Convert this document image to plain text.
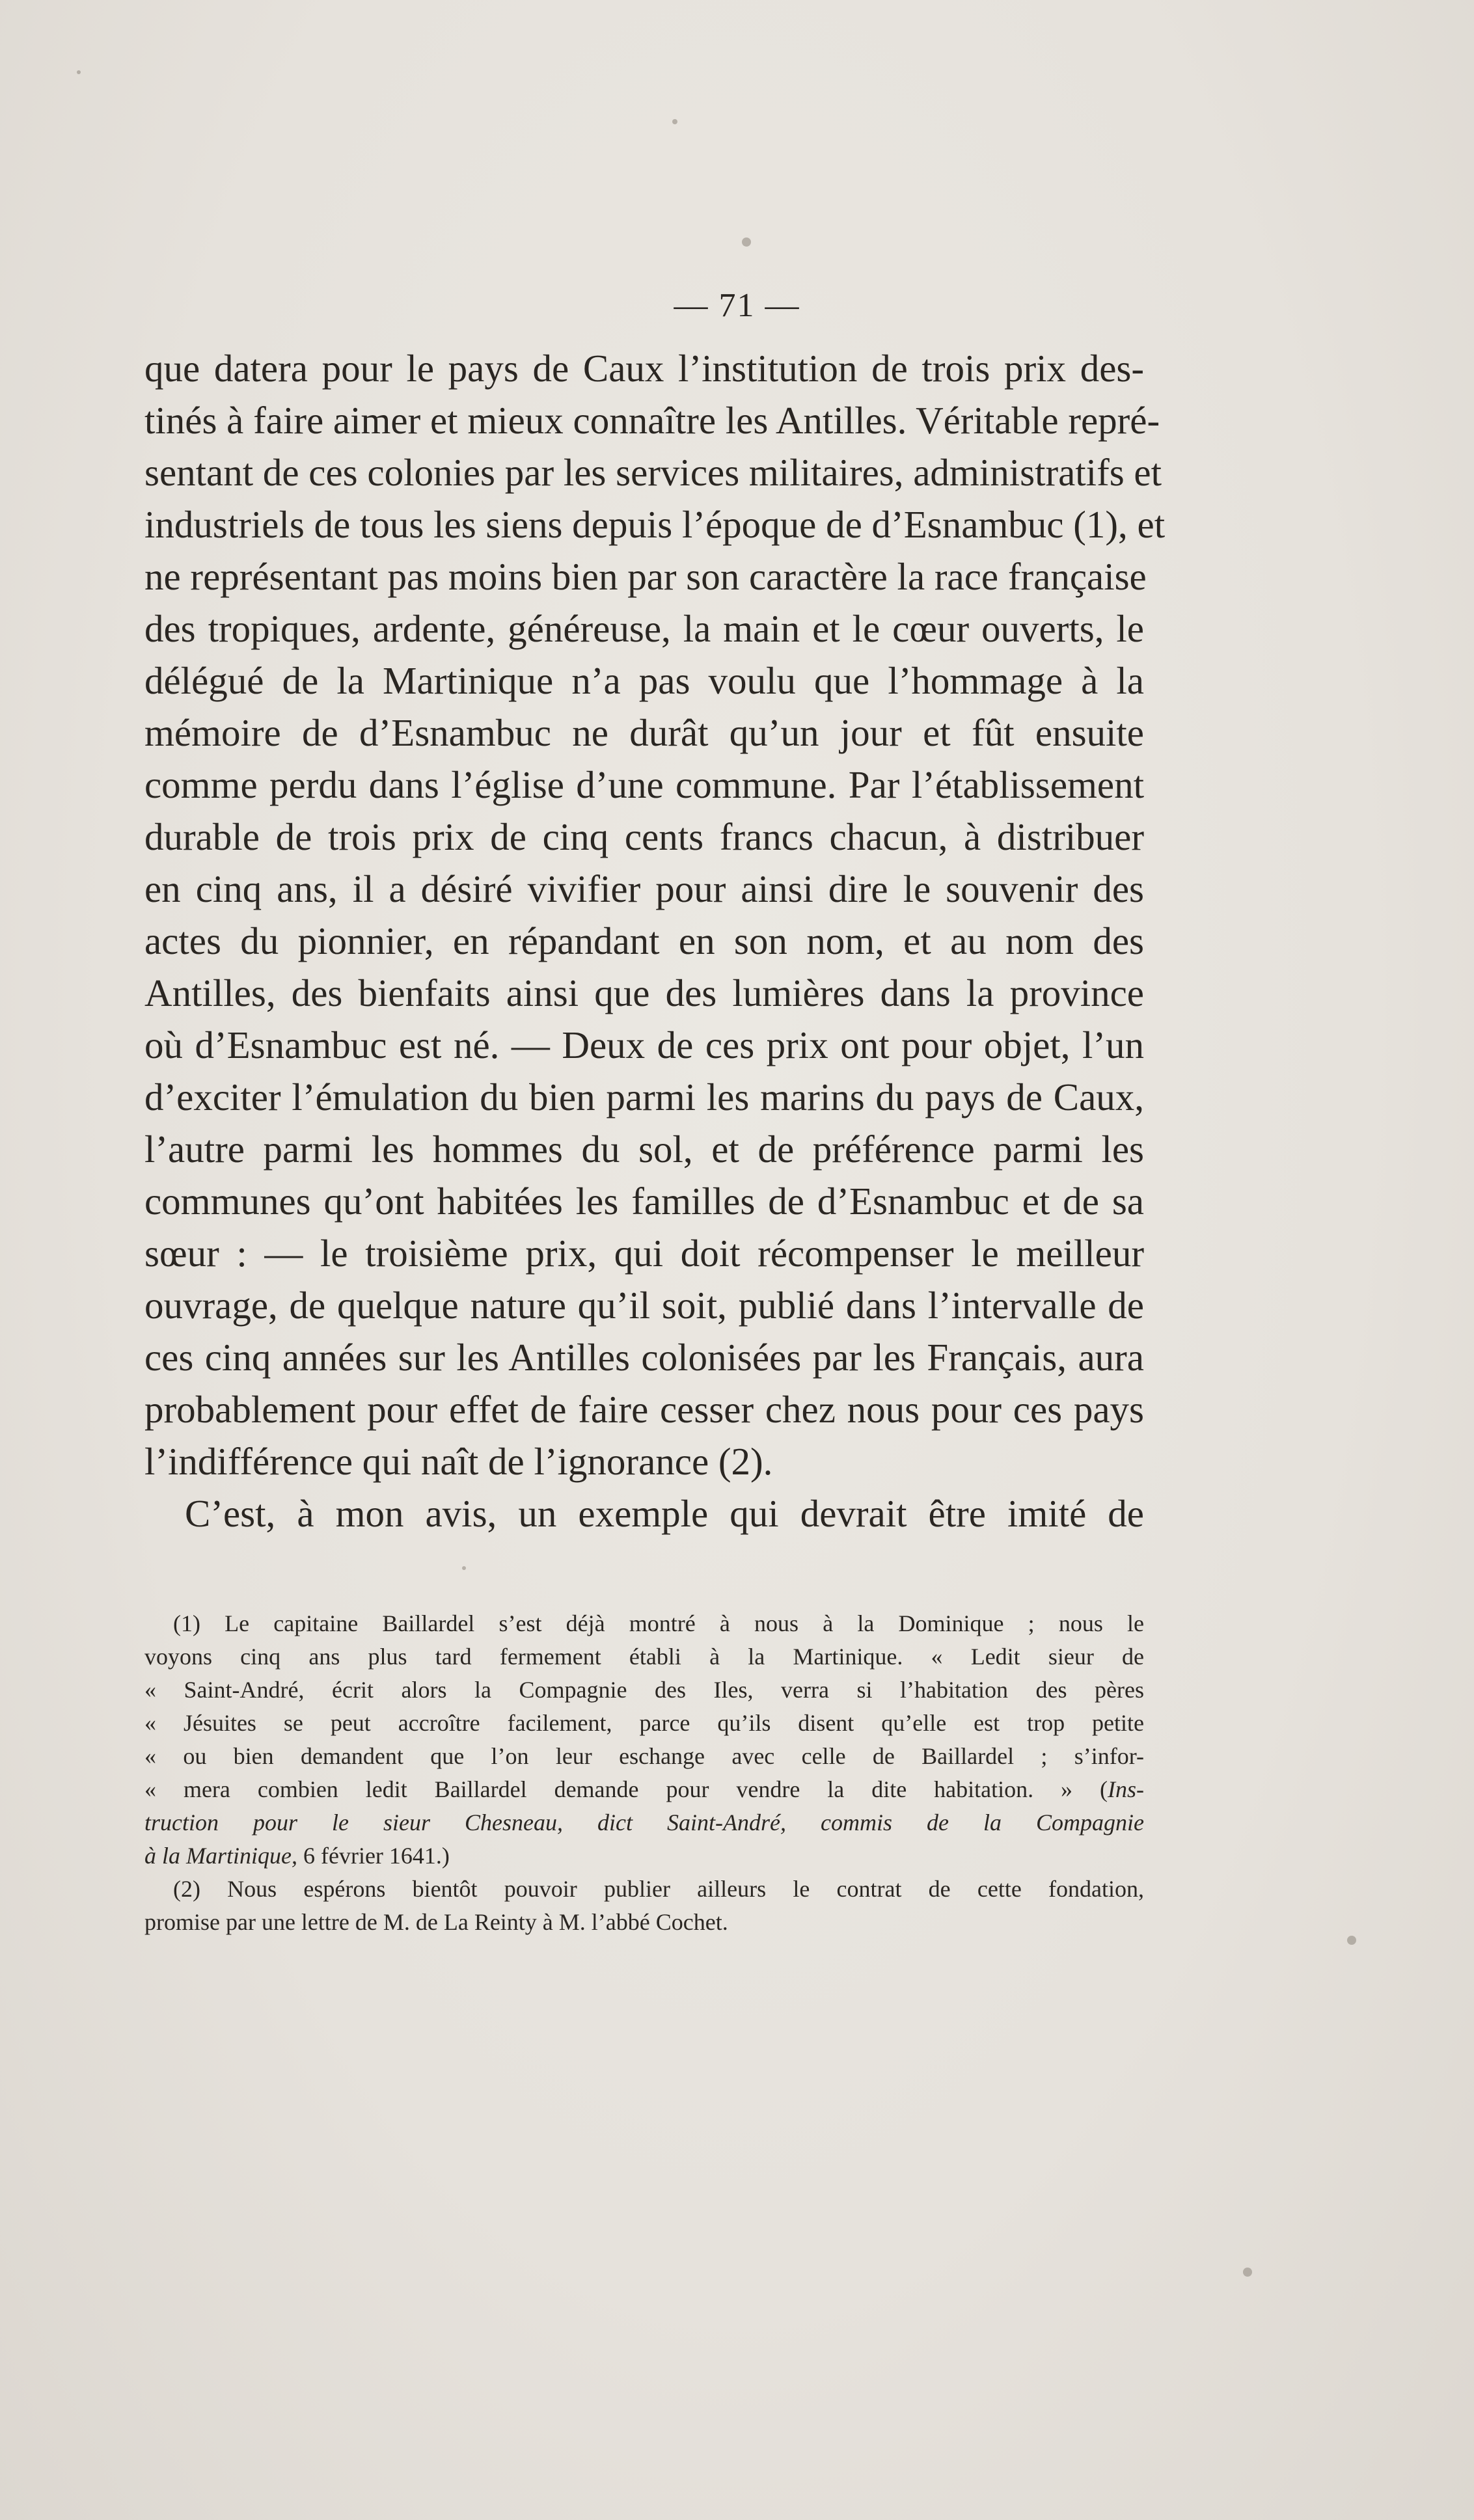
— 71 —
que datera pour le pays de Caux l’institution de trois prix des-
tinés à faire aimer et mieux connaître les Antilles. Véritable repré-
sentant de ces colonies par les services militaires, administratifs et
industriels de tous les siens depuis l’époque de d’Esnambuc (1), et
ne représentant pas moins bien par son caractère la race française
des tropiques, ardente, généreuse, la main et le cœur ouverts, le
délégué de la Martinique n’a pas voulu que l’hommage à la
mémoire de d’Esnambuc ne durât qu’un jour et fût ensuite
comme perdu dans l’église d’une commune. Par l’établissement
durable de trois prix de cinq cents francs chacun, à distribuer
en cinq ans, il a désiré vivifier pour ainsi dire le souvenir des
actes du pionnier, en répandant en son nom, et au nom des
Antilles, des bienfaits ainsi que des lumières dans la province
où d’Esnambuc est né. — Deux de ces prix ont pour objet, l’un
d’exciter l’émulation du bien parmi les marins du pays de Caux,
l’autre parmi les hommes du sol, et de préférence parmi les
communes qu’ont habitées les familles de d’Esnambuc et de sa
sœur : — le troisième prix, qui doit récompenser le meilleur
ouvrage, de quelque nature qu’il soit, publié dans l’intervalle de
ces cinq années sur les Antilles colonisées par les Français, aura
probablement pour effet de faire cesser chez nous pour ces pays
l’indifférence qui naît de l’ignorance (2).
C’est, à mon avis, un exemple qui devrait être imité de
(1) Le capitaine Baillardel s’est déjà montré à nous à la Dominique ; nous le
voyons cinq ans plus tard fermement établi à la Martinique. « Ledit sieur de
« Saint-André, écrit alors la Compagnie des Iles, verra si l’habitation des pères
« Jésuites se peut accroître facilement, parce qu’ils disent qu’elle est trop petite
« ou bien demandent que l’on leur eschange avec celle de Baillardel ; s’infor-
« mera combien ledit Baillardel demande pour vendre la dite habitation. » (Ins-
truction pour le sieur Chesneau, dict Saint-André, commis de la Compagnie
à la Martinique, 6 février 1641.)
(2) Nous espérons bientôt pouvoir publier ailleurs le contrat de cette fondation,
promise par une lettre de M. de La Reinty à M. l’abbé Cochet.
